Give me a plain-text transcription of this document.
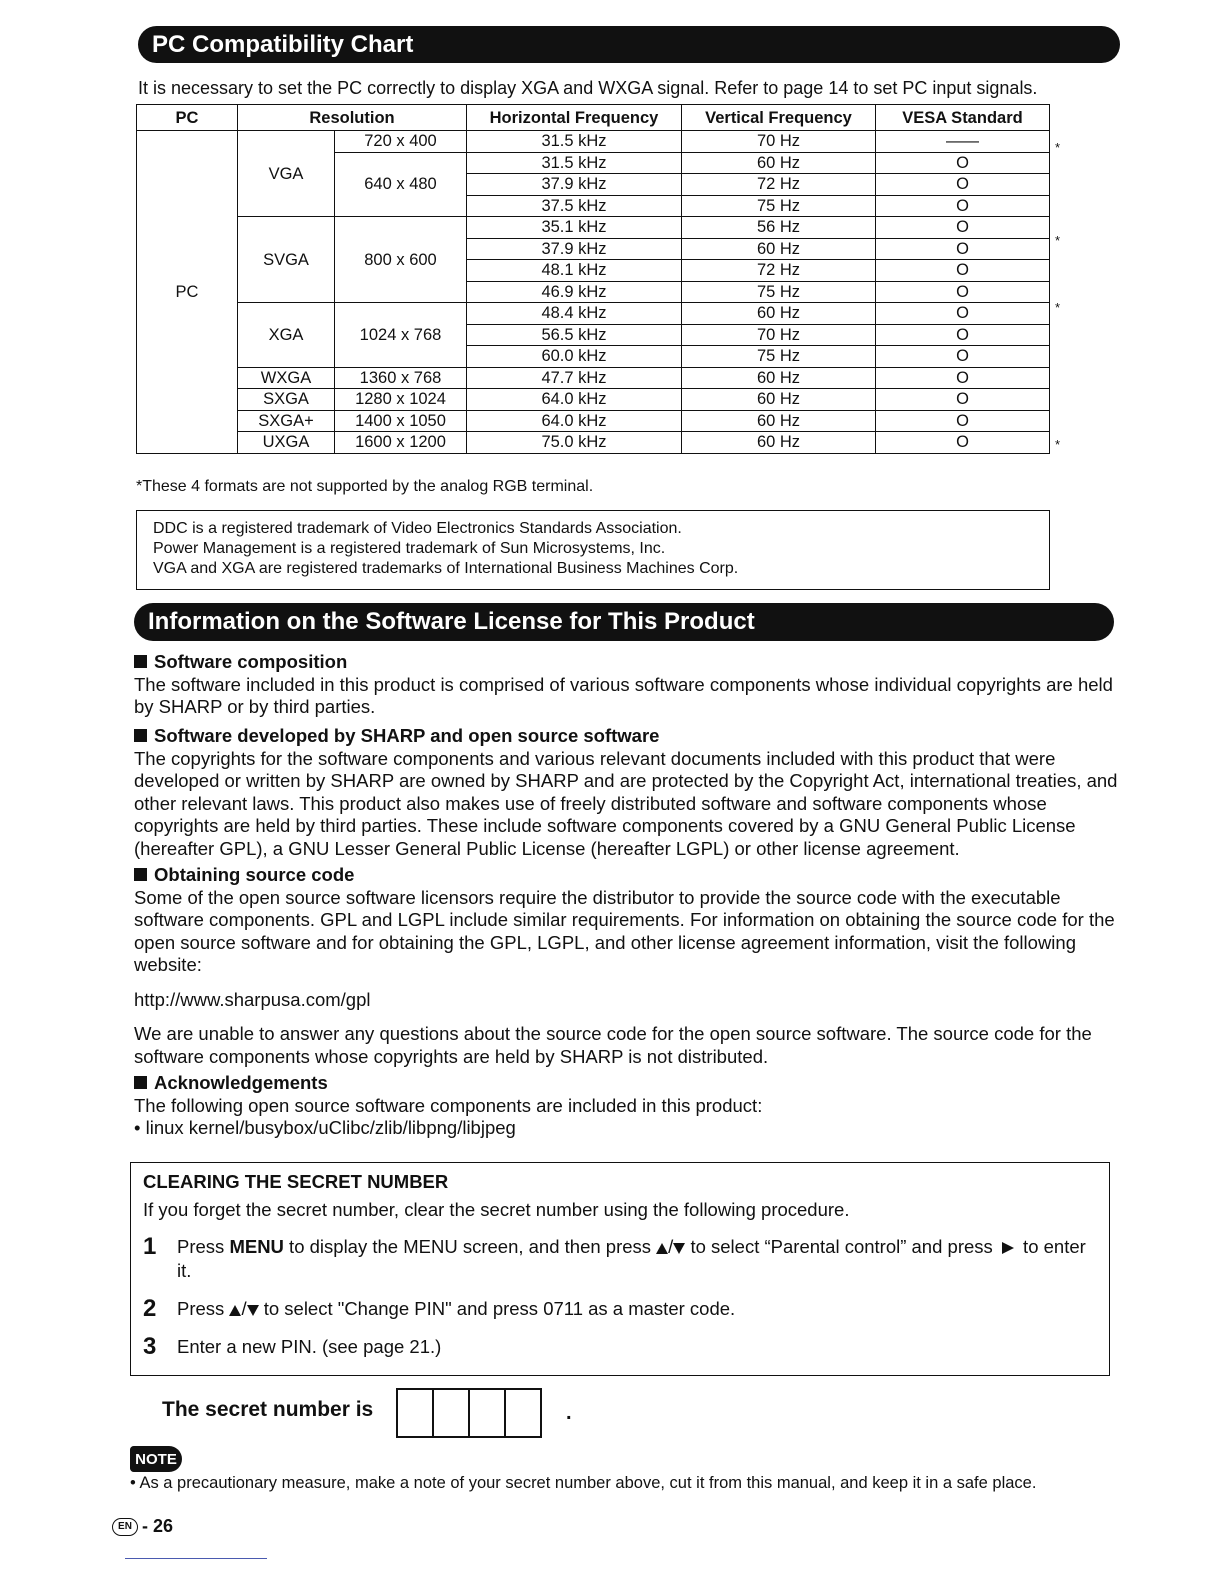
PC Compatibility Chart
It is necessary to set the PC correctly to display XGA and WXGA signal. Refer to page 14 to set PC input signals.
PC	Resolution		Horizontal Frequency	Vertical Frequency	VESA Standard
PC	VGA	720 x 400	31.5 kHz	70 Hz	——
		640 x 480	31.5 kHz	60 Hz	O
			37.9 kHz	72 Hz	O
			37.5 kHz	75 Hz	O
	SVGA	800 x 600	35.1 kHz	56 Hz	O
			37.9 kHz	60 Hz	O
			48.1 kHz	72 Hz	O
			46.9 kHz	75 Hz	O
	XGA	1024 x 768	48.4 kHz	60 Hz	O
			56.5 kHz	70 Hz	O
			60.0 kHz	75 Hz	O
	WXGA	1360 x 768	47.7 kHz	60 Hz	O
	SXGA	1280 x 1024	64.0 kHz	60 Hz	O
	SXGA+	1400 x 1050	64.0 kHz	60 Hz	O
	UXGA	1600 x 1200	75.0 kHz	60 Hz	O
*
*
*
*
*These 4 formats are not supported by the analog RGB terminal.
DDC is a registered trademark of Video Electronics Standards Association.
Power Management is a registered trademark of Sun Microsystems, Inc.
VGA and XGA are registered trademarks of International Business Machines Corp.
Information on the Software License for This Product
Software composition

The software included in this product is comprised of various software components whose individual copyrights are held by SHARP or by third parties.

Software developed by SHARP and open source software

The copyrights for the software components and various relevant documents included with this product that were developed or written by SHARP are owned by SHARP and are protected by the Copyright Act, international treaties, and other relevant laws. This product also makes use of freely distributed software and software components whose copyrights are held by third parties. These include software components covered by a GNU General Public License (hereafter GPL), a GNU Lesser General Public License (hereafter LGPL) or other license agreement.

Obtaining source code

Some of the open source software licensors require the distributor to provide the source code with the executable software components. GPL and LGPL include similar requirements. For information on obtaining the source code for the open source software and for obtaining the GPL, LGPL, and other license agreement information, visit the following website:

http://www.sharpusa.com/gpl

We are unable to answer any questions about the source code for the open source software. The source code for the software components whose copyrights are held by SHARP is not distributed.

Acknowledgements

The following open source software components are included in this product:

• linux kernel/busybox/uClibc/zlib/libpng/libjpeg

CLEARING THE SECRET NUMBER
If you forget the secret number, clear the secret number using the following procedure.
1	Press MENU to display the MENU screen, and then press / to select “Parental control” and press  to enter it.
2	Press / to select "Change PIN" and press 0711 as a master code.
3	Enter a new PIN. (see page 21.)
The secret number is	.
NOTE
• As a precautionary measure, make a note of your secret number above, cut it from this manual, and keep it in a safe place.
EN - 26
